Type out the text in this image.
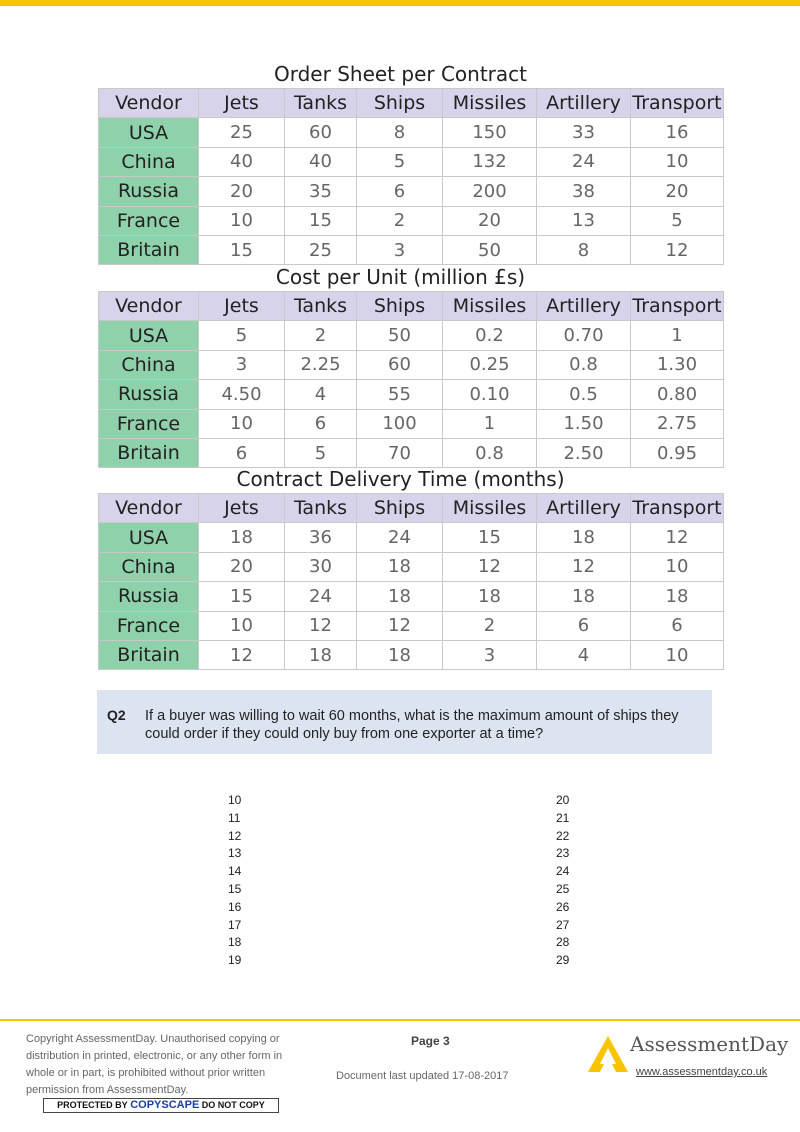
Order Sheet per Contract
Vendor	Jets	Tanks	Ships	Missiles	Artillery	Transport
USA	25	60	8	150	33	16
China	40	40	5	132	24	10
Russia	20	35	6	200	38	20
France	10	15	2	20	13	5
Britain	15	25	3	50	8	12
Cost per Unit (million £s)
Vendor	Jets	Tanks	Ships	Missiles	Artillery	Transport
USA	5	2	50	0.2	0.70	1
China	3	2.25	60	0.25	0.8	1.30
Russia	4.50	4	55	0.10	0.5	0.80
France	10	6	100	1	1.50	2.75
Britain	6	5	70	0.8	2.50	0.95
Contract Delivery Time (months)
Vendor	Jets	Tanks	Ships	Missiles	Artillery	Transport
USA	18	36	24	15	18	12
China	20	30	18	12	12	10
Russia	15	24	18	18	18	18
France	10	12	12	2	6	6
Britain	12	18	18	3	4	10
Q2 If a buyer was willing to wait 60 months, what is the maximum amount of ships they could order if they could only buy from one exporter at a time?
10
11
12
13
14
15
16
17
18
19
20
21
22
23
24
25
26
27
28
29
Copyright AssessmentDay. Unauthorised copying or distribution in printed, electronic, or any other form in whole or in part, is prohibited without prior written permission from AssessmentDay.
Page 3
Document last updated 17-08-2017
PROTECTED BY COPYSCAPE DO NOT COPY
AssessmentDay
www.assessmentday.co.uk
